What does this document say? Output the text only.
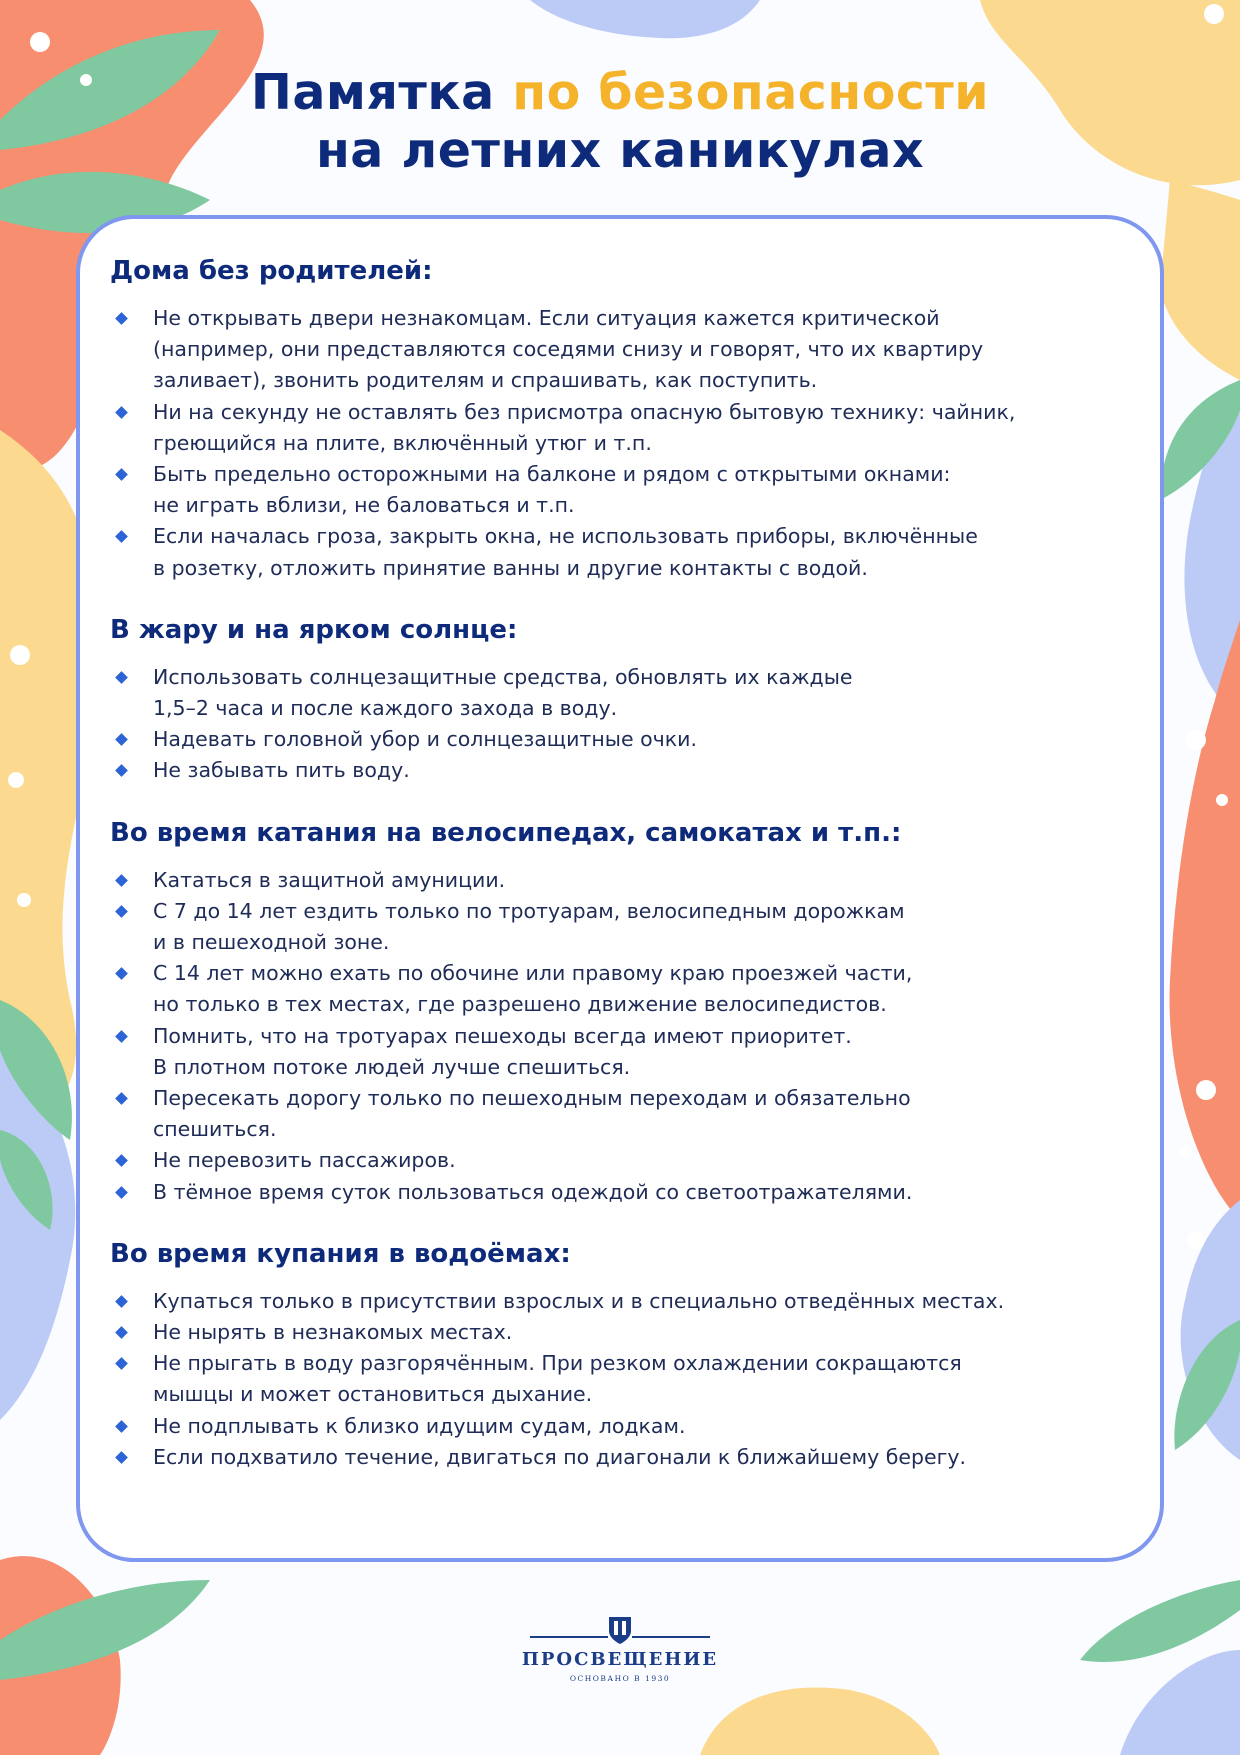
Памятка по безопасности
на летних каникулах
Дома без родителей:
Не открывать двери незнакомцам. Если ситуация кажется критической
(например, они представляются соседями снизу и говорят, что их квартиру
заливает), звонить родителям и спрашивать, как поступить.
Ни на секунду не оставлять без присмотра опасную бытовую технику: чайник,
греющийся на плите, включённый утюг и т.п.
Быть предельно осторожными на балконе и рядом с открытыми окнами:
не играть вблизи, не баловаться и т.п.
Если началась гроза, закрыть окна, не использовать приборы, включённые
в розетку, отложить принятие ванны и другие контакты с водой.
В жару и на ярком солнце:
Использовать солнцезащитные средства, обновлять их каждые
1,5–2 часа и после каждого захода в воду.
Надевать головной убор и солнцезащитные очки.
Не забывать пить воду.
Во время катания на велосипедах, самокатах и т.п.:
Кататься в защитной амуниции.
С 7 до 14 лет ездить только по тротуарам, велосипедным дорожкам
и в пешеходной зоне.
С 14 лет можно ехать по обочине или правому краю проезжей части,
но только в тех местах, где разрешено движение велосипедистов.
Помнить, что на тротуарах пешеходы всегда имеют приоритет.
В плотном потоке людей лучше спешиться.
Пересекать дорогу только по пешеходным переходам и обязательно
спешиться.
Не перевозить пассажиров.
В тёмное время суток пользоваться одеждой со светоотражателями.
Во время купания в водоёмах:
Купаться только в присутствии взрослых и в специально отведённых местах.
Не нырять в незнакомых местах.
Не прыгать в воду разгорячённым. При резком охлаждении сокращаются
мышцы и может остановиться дыхание.
Не подплывать к близко идущим судам, лодкам.
Если подхватило течение, двигаться по диагонали к ближайшему берегу.
ПРОСВЕЩЕНИЕ
ОСНОВАНО В 1930
